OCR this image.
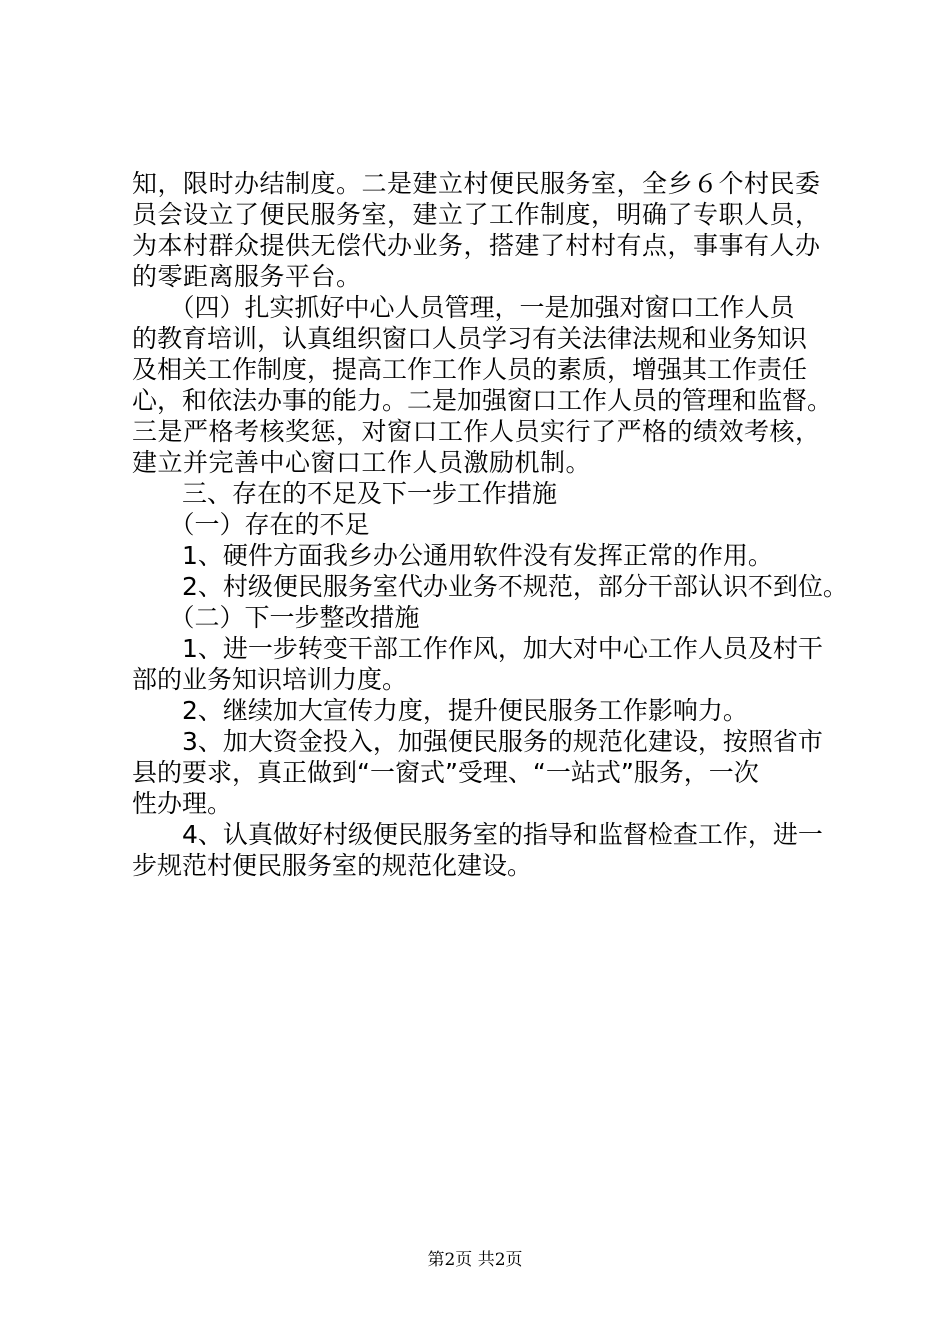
知，限时办结制度。二是建立村便民服务室，全乡６个村民委
员会设立了便民服务室，建立了工作制度，明确了专职人员，
为本村群众提供无偿代办业务，搭建了村村有点，事事有人办
的零距离服务平台。
　　（四）扎实抓好中心人员管理，一是加强对窗口工作人员
的教育培训，认真组织窗口人员学习有关法律法规和业务知识
及相关工作制度，提高工作工作人员的素质，增强其工作责任
心，和依法办事的能力。二是加强窗口工作人员的管理和监督。
三是严格考核奖惩，对窗口工作人员实行了严格的绩效考核，
建立并完善中心窗口工作人员激励机制。
　　三、存在的不足及下一步工作措施
　　（一）存在的不足
　　1、硬件方面我乡办公通用软件没有发挥正常的作用。
　　2、村级便民服务室代办业务不规范，部分干部认识不到位。
　　（二）下一步整改措施
　　1、进一步转变干部工作作风，加大对中心工作人员及村干
部的业务知识培训力度。
　　2、继续加大宣传力度，提升便民服务工作影响力。
　　3、加大资金投入，加强便民服务的规范化建设，按照省市
县的要求，真正做到“一窗式”受理、“一站式”服务，一次
性办理。
　　4、认真做好村级便民服务室的指导和监督检查工作，进一
步规范村便民服务室的规范化建设。
第2页 共2页
